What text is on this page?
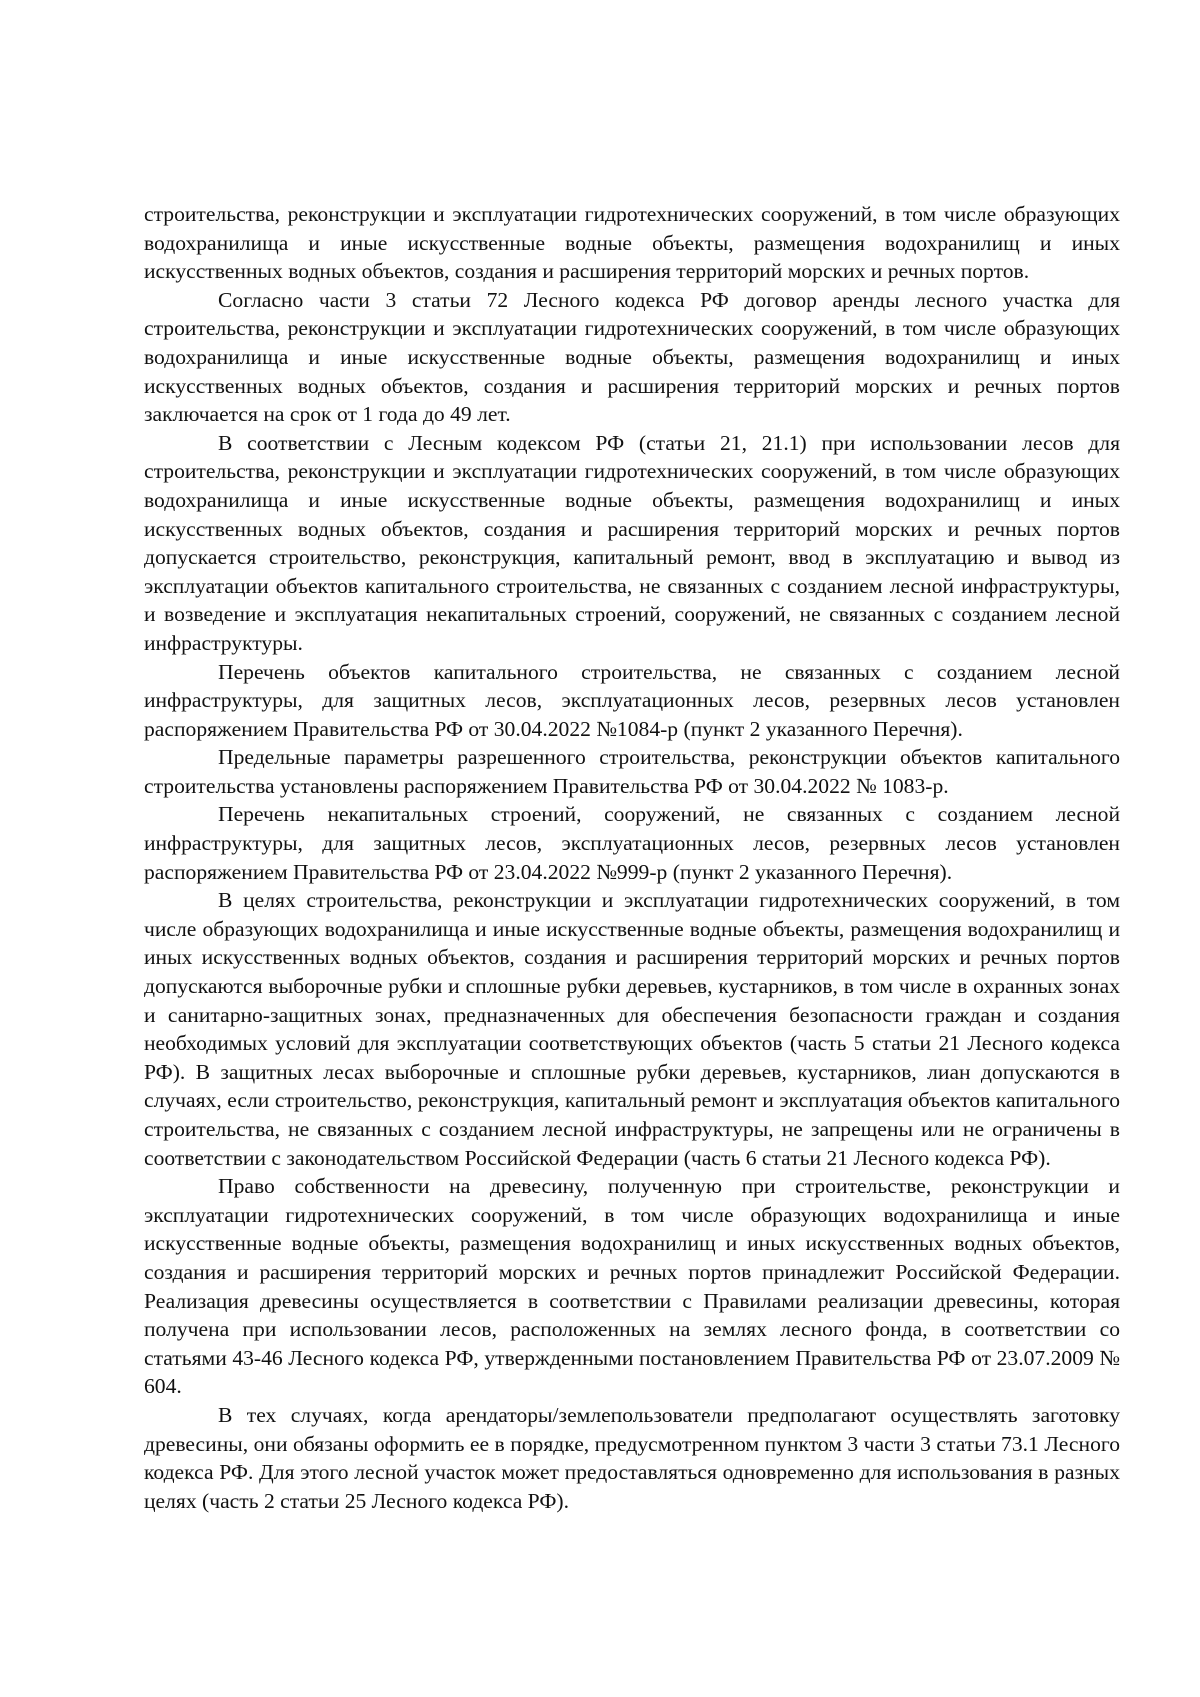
строительства, реконструкции и эксплуатации гидротехнических сооружений, в том числе образующих водохранилища и иные искусственные водные объекты, размещения водохранилищ и иных искусственных водных объектов, создания и расширения территорий морских и речных портов.

Согласно части 3 статьи 72 Лесного кодекса РФ договор аренды лесного участка для строительства, реконструкции и эксплуатации гидротехнических сооружений, в том числе образующих водохранилища и иные искусственные водные объекты, размещения водохранилищ и иных искусственных водных объектов, создания и расширения территорий морских и речных портов заключается на срок от 1 года до 49 лет.

В соответствии с Лесным кодексом РФ (статьи 21, 21.1) при использовании лесов для строительства, реконструкции и эксплуатации гидротехнических сооружений, в том числе образующих водохранилища и иные искусственные водные объекты, размещения водохранилищ и иных искусственных водных объектов, создания и расширения территорий морских и речных портов допускается строительство, реконструкция, капитальный ремонт, ввод в эксплуатацию и вывод из эксплуатации объектов капитального строительства, не связанных с созданием лесной инфраструктуры, и возведение и эксплуатация некапитальных строений, сооружений, не связанных с созданием лесной инфраструктуры.

Перечень объектов капитального строительства, не связанных с созданием лесной инфраструктуры, для защитных лесов, эксплуатационных лесов, резервных лесов установлен распоряжением Правительства РФ от 30.04.2022 №1084-р (пункт 2 указанного Перечня).

Предельные параметры разрешенного строительства, реконструкции объектов капитального строительства установлены распоряжением Правительства РФ от 30.04.2022 № 1083-р.

Перечень некапитальных строений, сооружений, не связанных с созданием лесной инфраструктуры, для защитных лесов, эксплуатационных лесов, резервных лесов установлен распоряжением Правительства РФ от 23.04.2022 №999-р (пункт 2 указанного Перечня).

В целях строительства, реконструкции и эксплуатации гидротехнических сооружений, в том числе образующих водохранилища и иные искусственные водные объекты, размещения водохранилищ и иных искусственных водных объектов, создания и расширения территорий морских и речных портов допускаются выборочные рубки и сплошные рубки деревьев, кустарников, в том числе в охранных зонах и санитарно-защитных зонах, предназначенных для обеспечения безопасности граждан и создания необходимых условий для эксплуатации соответствующих объектов (часть 5 статьи 21 Лесного кодекса РФ). В защитных лесах выборочные и сплошные рубки деревьев, кустарников, лиан допускаются в случаях, если строительство, реконструкция, капитальный ремонт и эксплуатация объектов капитального строительства, не связанных с созданием лесной инфраструктуры, не запрещены или не ограничены в соответствии с законодательством Российской Федерации (часть 6 статьи 21 Лесного кодекса РФ).

Право собственности на древесину, полученную при строительстве, реконструкции и эксплуатации гидротехнических сооружений, в том числе образующих водохранилища и иные искусственные водные объекты, размещения водохранилищ и иных искусственных водных объектов, создания и расширения территорий морских и речных портов принадлежит Российской Федерации. Реализация древесины осуществляется в соответствии с Правилами реализации древесины, которая получена при использовании лесов, расположенных на землях лесного фонда, в соответствии со статьями 43-46 Лесного кодекса РФ, утвержденными постановлением Правительства РФ от 23.07.2009 № 604.

В тех случаях, когда арендаторы/землепользователи предполагают осуществлять заготовку древесины, они обязаны оформить ее в порядке, предусмотренном пунктом 3 части 3 статьи 73.1 Лесного кодекса РФ. Для этого лесной участок может предоставляться одновременно для использования в разных целях (часть 2 статьи 25 Лесного кодекса РФ).
